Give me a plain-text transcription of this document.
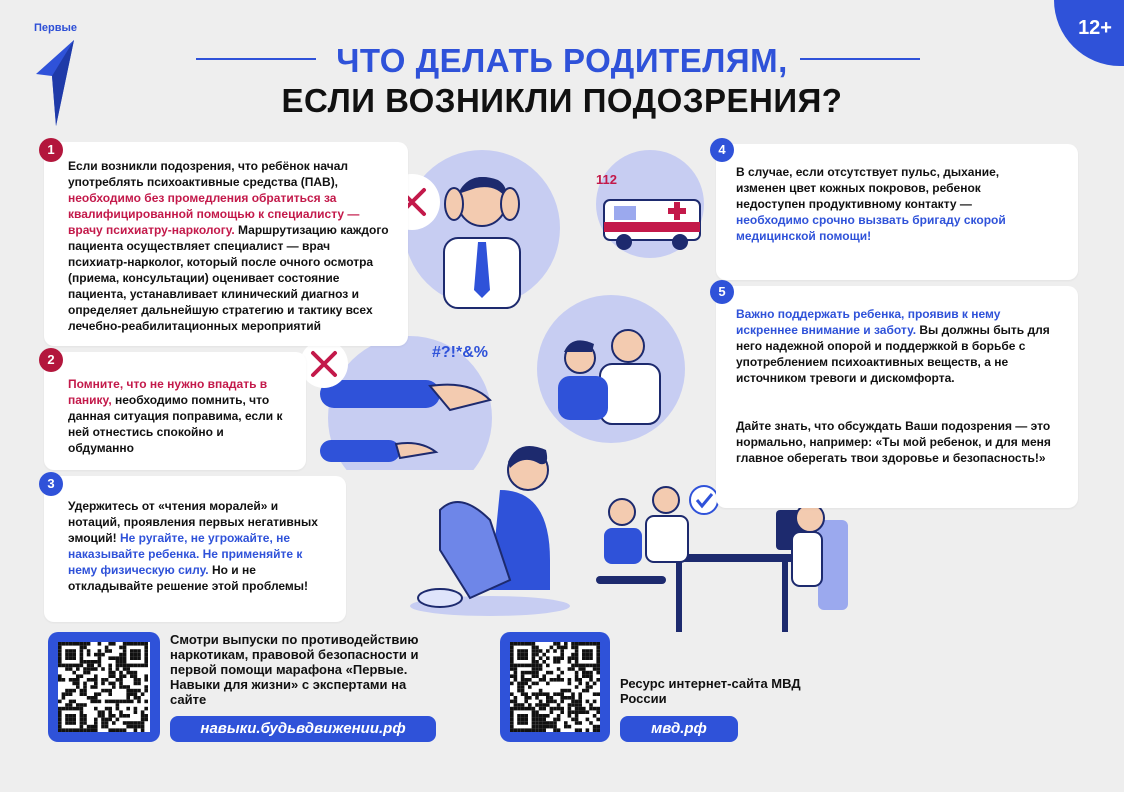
Первые	12+
ЧТО ДЕЛАТЬ РОДИТЕЛЯМ,
ЕСЛИ ВОЗНИКЛИ ПОДОЗРЕНИЯ?
#?!*&%
112
1

Если возникли подозрения, что ребёнок начал употреблять психоактивные средства (ПАВ), необходимо без промедления обратиться за квалифицированной помощью к специалисту — врачу психиатру-наркологу. Маршрутизацию каждого пациента осуществляет специалист — врач психиатр-нарколог, который после очного осмотра (приема, консультации) оценивает состояние пациента, устанавливает клинический диагноз и определяет дальнейшую стратегию и тактику всех лечебно-реабилитационных мероприятий

2

Помните, что не нужно впадать в панику, необходимо помнить, что данная ситуация поправима, если к ней отнестись спокойно и обдуманно

3

Удержитесь от «чтения моралей» и нотаций, проявления первых негативных эмоций! Не ругайте, не угрожайте, не наказывайте ребенка. Не применяйте к нему физическую силу. Но и не откладывайте решение этой проблемы!

4

В случае, если отсутствует пульс, дыхание, изменен цвет кожных покровов, ребенок недоступен продуктивному контакту — необходимо срочно вызвать бригаду скорой медицинской помощи!

5

Важно поддержать ребенка, проявив к нему искреннее внимание и заботу. Вы должны быть для него надежной опорой и поддержкой в борьбе с употреблением психоактивных веществ, а не источником тревоги и дискомфорта.

Дайте знать, что обсуждать Ваши подозрения — это нормально, например: «Ты мой ребенок, и для меня главное оберегать твои здоровье и безопасность!»

Смотри выпуски по противодействию наркотикам, правовой безопасности и первой помощи марафона «Первые. Навыки для жизни» с экспертами на сайте
навыки.будьвдвижении.рф
Ресурс интернет-сайта МВД России
мвд.рф
